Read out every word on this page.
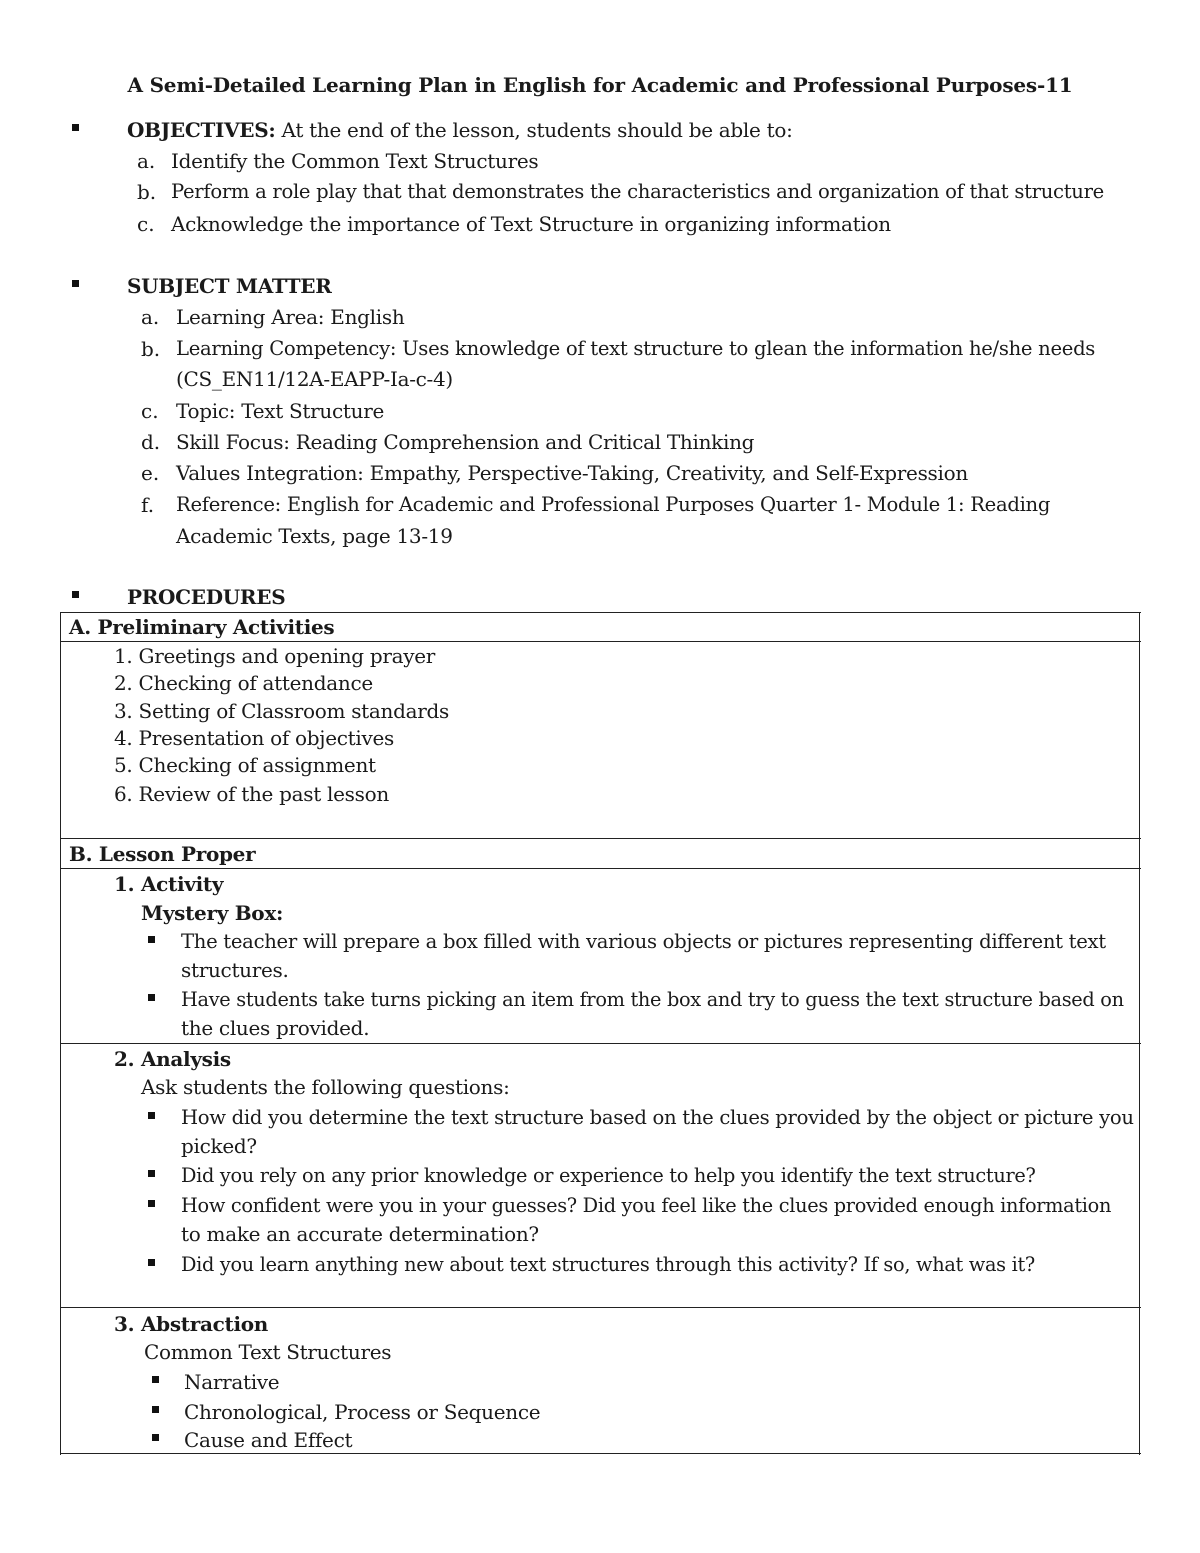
A Semi-Detailed Learning Plan in English for Academic and Professional Purposes-11
OBJECTIVES: At the end of the lesson, students should be able to:
a. Identify the Common Text Structures
b. Perform a role play that that demonstrates the characteristics and organization of that structure
c. Acknowledge the importance of Text Structure in organizing information
SUBJECT MATTER
a. Learning Area: English
b. Learning Competency: Uses knowledge of text structure to glean the information he/she needs
(CS_EN11/12A-EAPP-Ia-c-4)
c. Topic: Text Structure
d. Skill Focus: Reading Comprehension and Critical Thinking
e. Values Integration: Empathy, Perspective-Taking, Creativity, and Self-Expression
f. Reference: English for Academic and Professional Purposes Quarter 1- Module 1: Reading
Academic Texts, page 13-19
PROCEDURES
A. Preliminary Activities
1. Greetings and opening prayer
2. Checking of attendance
3. Setting of Classroom standards
4. Presentation of objectives
5. Checking of assignment
6. Review of the past lesson
B. Lesson Proper
1. Activity
Mystery Box:
The teacher will prepare a box filled with various objects or pictures representing different text
structures.
Have students take turns picking an item from the box and try to guess the text structure based on
the clues provided.
2. Analysis
Ask students the following questions:
How did you determine the text structure based on the clues provided by the object or picture you
picked?
Did you rely on any prior knowledge or experience to help you identify the text structure?
How confident were you in your guesses? Did you feel like the clues provided enough information
to make an accurate determination?
Did you learn anything new about text structures through this activity? If so, what was it?
3. Abstraction
Common Text Structures
Narrative
Chronological, Process or Sequence
Cause and Effect
